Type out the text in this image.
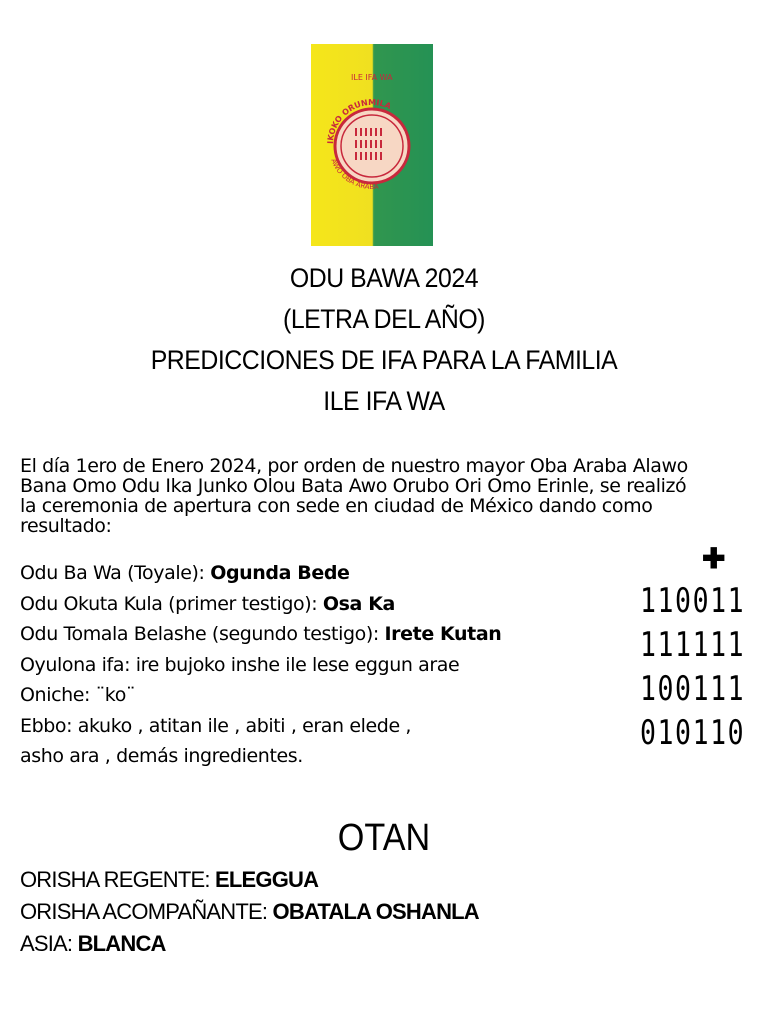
IKOKO ORUNMILA
ILE IFA WA
AWO OBA ARABA
ODU BAWA 2024
(LETRA DEL AÑO)
PREDICCIONES DE IFA PARA LA FAMILIA
ILE IFA WA
El día 1ero de Enero 2024, por orden de nuestro mayor Oba Araba Alawo
Bana Omo Odu Ika Junko Olou Bata Awo Orubo Ori Omo Erinle, se realizó
la ceremonia de apertura con sede en ciudad de México dando como
resultado:
Odu Ba Wa (Toyale): Ogunda Bede
Odu Okuta Kula (primer testigo): Osa Ka
Odu Tomala Belashe (segundo testigo): Irete Kutan
Oyulona ifa: ire bujoko inshe ile lese eggun arae
Oniche: ¨ko¨
Ebbo: akuko , atitan ile , abiti , eran elede ,
asho ara , demás ingredientes.
✚
110011
111111
100111
010110
OTAN
ORISHA REGENTE: ELEGGUA
ORISHA ACOMPAÑANTE: OBATALA OSHANLA
ASIA: BLANCA
